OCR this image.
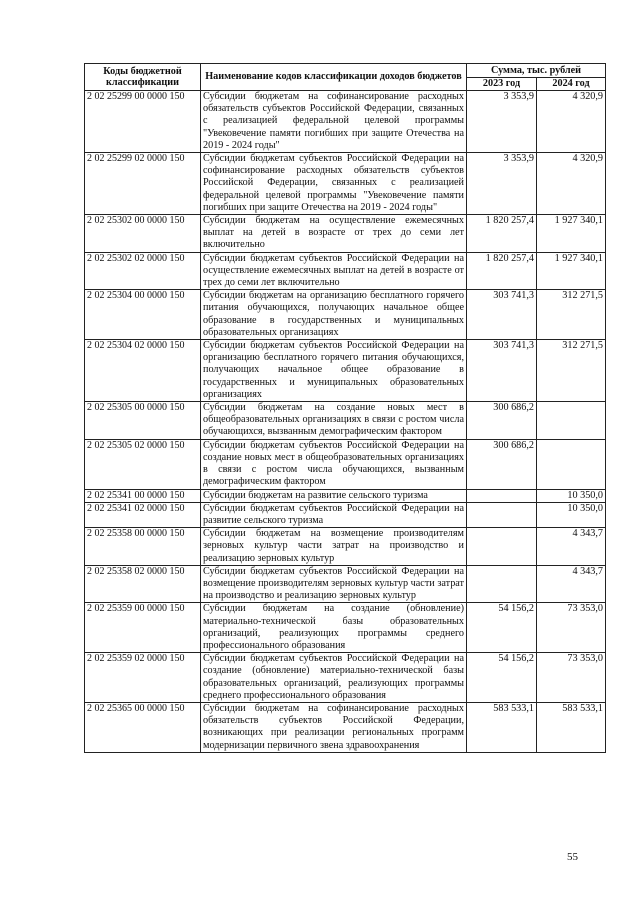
Коды бюджетной классификации	Наименование кодов классификации доходов бюджетов	Сумма, тыс. рублей	
		2023 год	2024 год
2 02 25299 00 0000 150	Субсидии бюджетам на софинансирование расходных обязательств субъектов Российской Федерации, связанных с реализацией федеральной целевой программы "Увековечение памяти погибших при защите Отечества на 2019 - 2024 годы"	3 353,9	4 320,9
2 02 25299 02 0000 150	Субсидии бюджетам субъектов Российской Федерации на софинансирование расходных обязательств субъектов Российской Федерации, связанных с реализацией федеральной целевой программы "Увековечение памяти погибших при защите Отечества на 2019 - 2024 годы"	3 353,9	4 320,9
2 02 25302 00 0000 150	Субсидии бюджетам на осуществление ежемесячных выплат на детей в возрасте от трех до семи лет включительно	1 820 257,4	1 927 340,1
2 02 25302 02 0000 150	Субсидии бюджетам субъектов Российской Федерации на осуществление ежемесячных выплат на детей в возрасте от трех до семи лет включительно	1 820 257,4	1 927 340,1
2 02 25304 00 0000 150	Субсидии бюджетам на организацию бесплатного горячего питания обучающихся, получающих начальное общее образование в государственных и муниципальных образовательных организациях	303 741,3	312 271,5
2 02 25304 02 0000 150	Субсидии бюджетам субъектов Российской Федерации на организацию бесплатного горячего питания обучающихся, получающих начальное общее образование в государственных и муниципальных образовательных организациях	303 741,3	312 271,5
2 02 25305 00 0000 150	Субсидии бюджетам на создание новых мест в общеобразовательных организациях в связи с ростом числа обучающихся, вызванным демографическим фактором	300 686,2	
2 02 25305 02 0000 150	Субсидии бюджетам субъектов Российской Федерации на создание новых мест в общеобразовательных организациях в связи с ростом числа обучающихся, вызванным демографическим фактором	300 686,2	
2 02 25341 00 0000 150	Субсидии бюджетам на развитие сельского туризма		10 350,0
2 02 25341 02 0000 150	Субсидии бюджетам субъектов Российской Федерации на развитие сельского туризма		10 350,0
2 02 25358 00 0000 150	Субсидии бюджетам на возмещение производителям зерновых культур части затрат на производство и реализацию зерновых культур		4 343,7
2 02 25358 02 0000 150	Субсидии бюджетам субъектов Российской Федерации на возмещение производителям зерновых культур части затрат на производство и реализацию зерновых культур		4 343,7
2 02 25359 00 0000 150	Субсидии бюджетам на создание (обновление) материально-технической базы образовательных организаций, реализующих программы среднего профессионального образования	54 156,2	73 353,0
2 02 25359 02 0000 150	Субсидии бюджетам субъектов Российской Федерации на создание (обновление) материально-технической базы образовательных организаций, реализующих программы среднего профессионального образования	54 156,2	73 353,0
2 02 25365 00 0000 150	Субсидии бюджетам на софинансирование расходных обязательств субъектов Российской Федерации, возникающих при реализации региональных программ модернизации первичного звена здравоохранения	583 533,1	583 533,1
55
